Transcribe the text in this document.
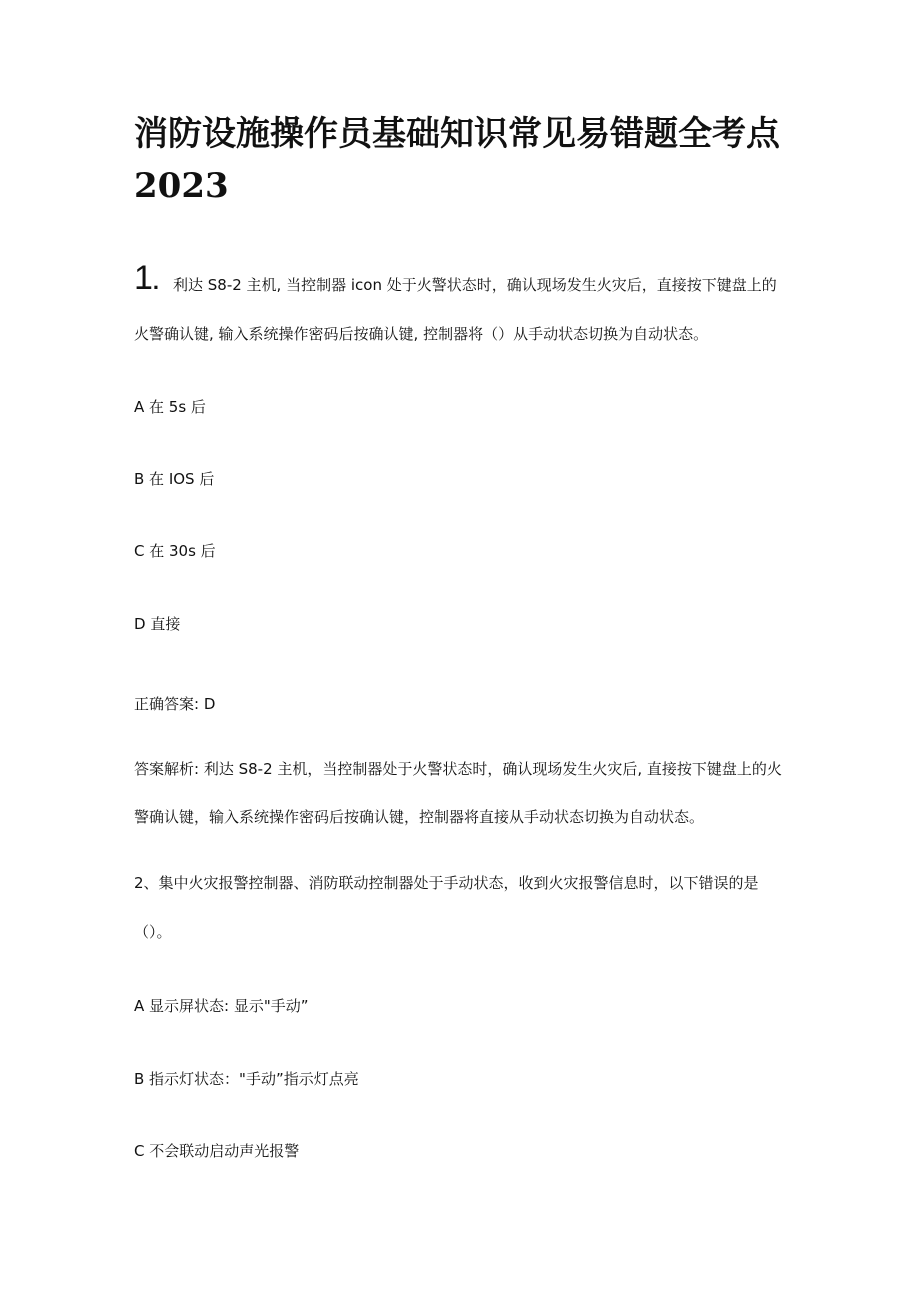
消防设施操作员基础知识常见易错题全考点
2023
1. 利达 S8-2 主机, 当控制器 icon 处于火警状态时，确认现场发生火灾后，直接按下键盘上的

火警确认键, 输入系统操作密码后按确认键, 控制器将（）从手动状态切换为自动状态。

A 在 5s 后

B 在 IOS 后

C 在 30s 后

D 直接

正确答案: D

答案解析: 利达 S8-2 主机，当控制器处于火警状态时，确认现场发生火灾后, 直接按下键盘上的火

警确认键，输入系统操作密码后按确认键，控制器将直接从手动状态切换为自动状态。

2、集中火灾报警控制器、消防联动控制器处于手动状态，收到火灾报警信息时，以下错误的是

（）。

A 显示屏状态: 显示"手动”

B 指示灯状态："手动”指示灯点亮

C 不会联动启动声光报警
